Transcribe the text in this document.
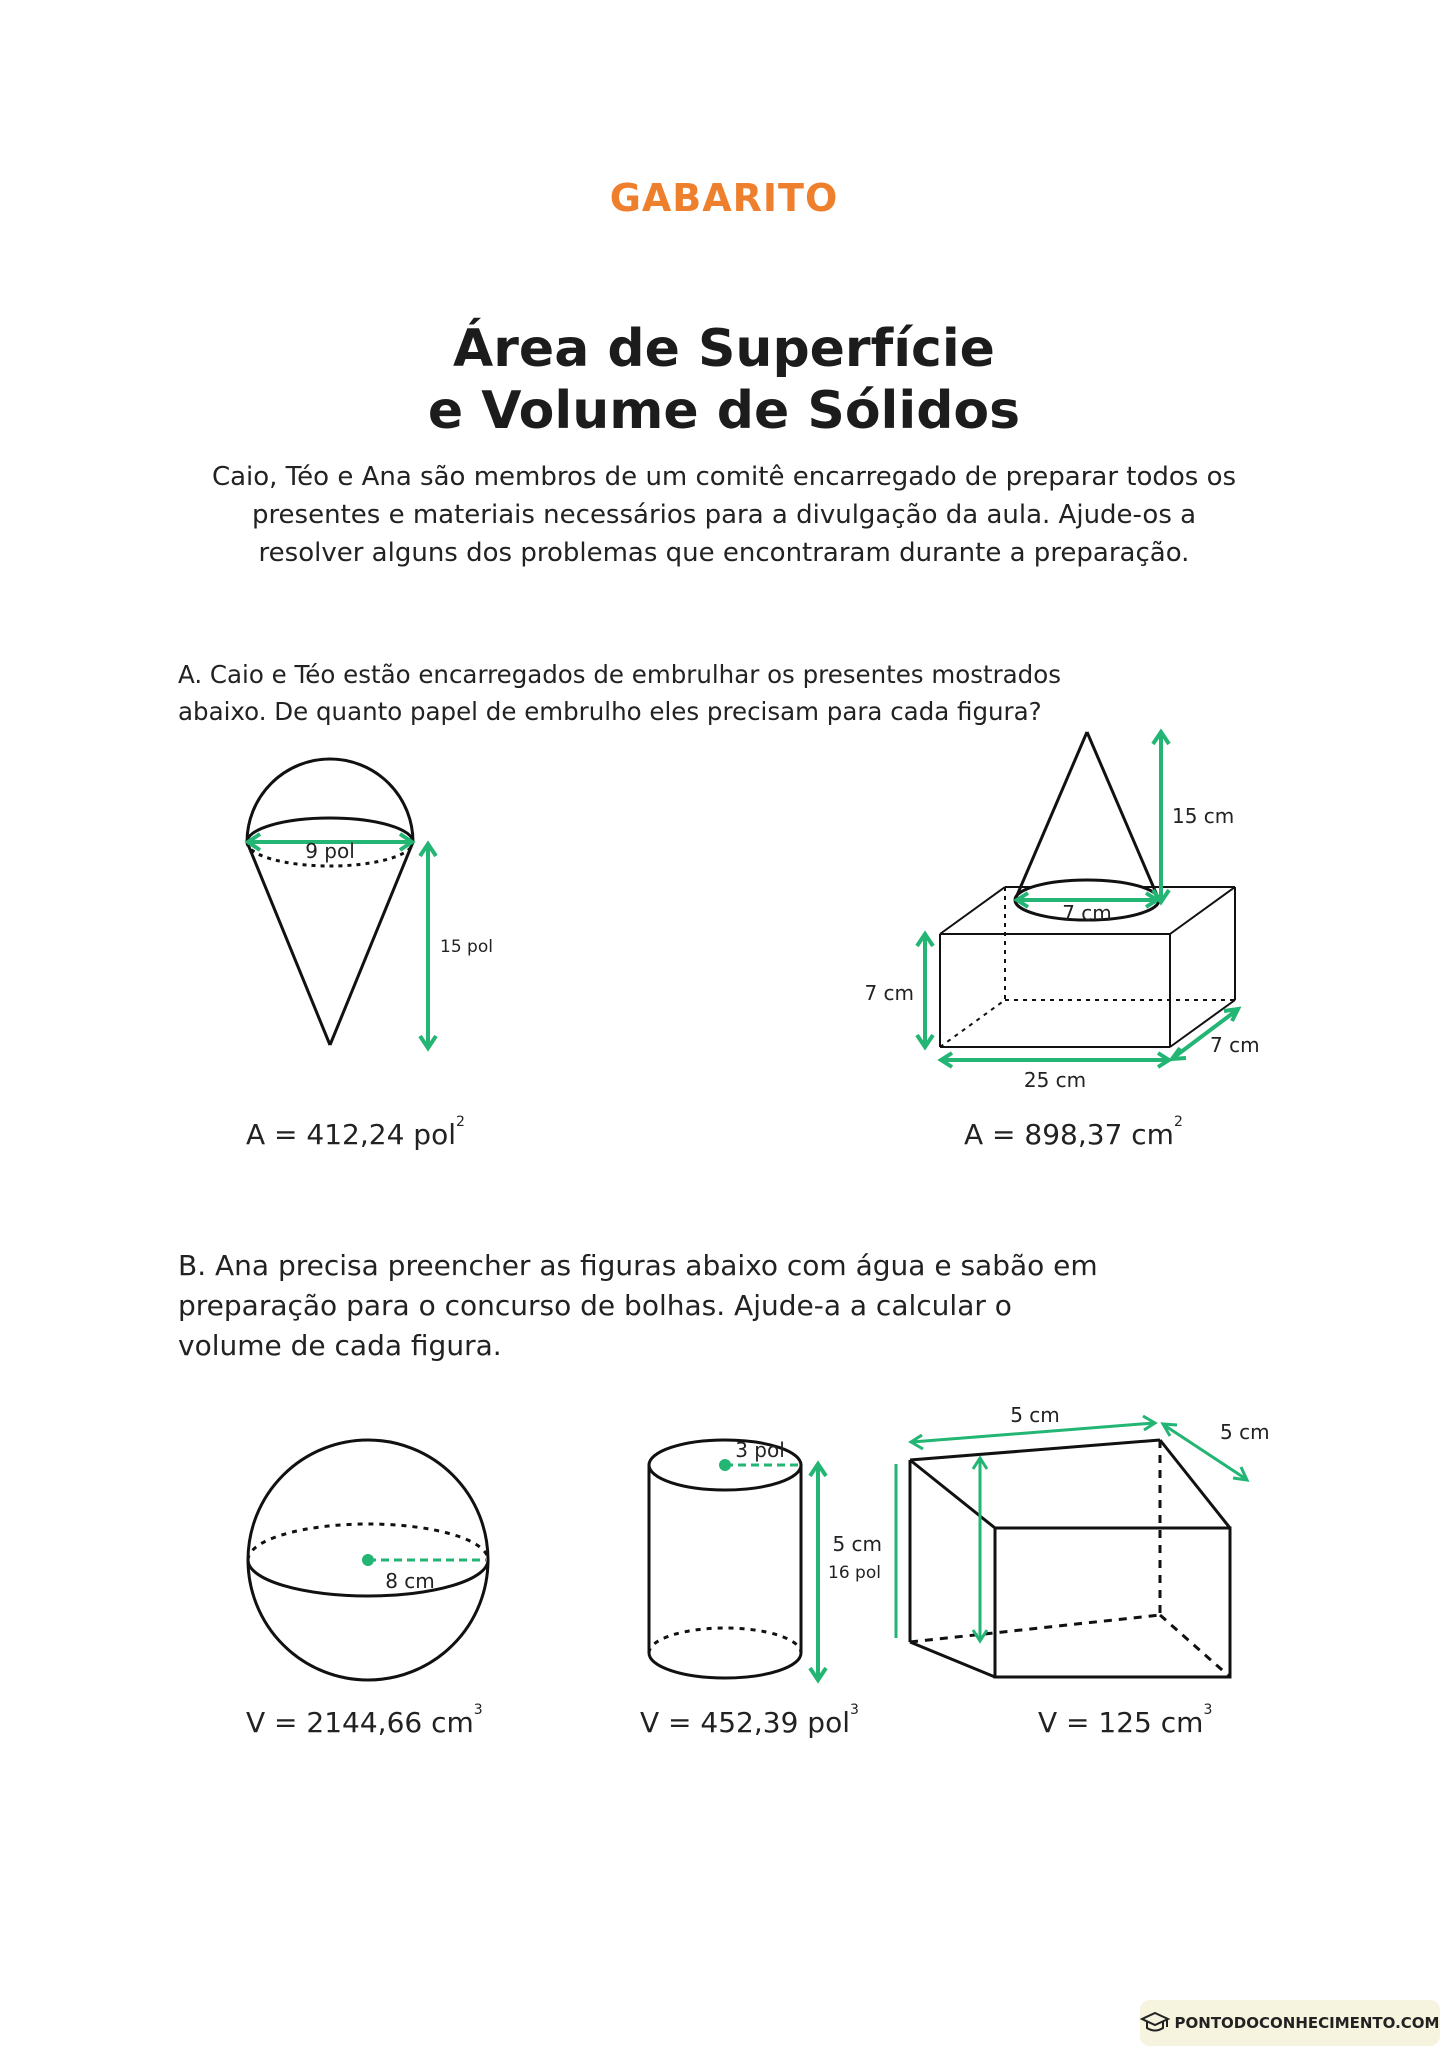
GABARITO
Área de Superfície
e Volume de Sólidos
Caio, Téo e Ana são membros de um comitê encarregado de preparar todos os
presentes e materiais necessários para a divulgação da aula. Ajude-os a
resolver alguns dos problemas que encontraram durante a preparação.
A. Caio e Téo estão encarregados de embrulhar os presentes mostrados
abaixo. De quanto papel de embrulho eles precisam para cada figura?
9 pol
15 pol
7 cm
15 cm
7 cm
25 cm
7 cm
A = 412,24 pol$^2$	A = 898,37 $cm^2$
B. Ana precisa preencher as figuras abaixo com água e sabão em
preparação para o concurso de bolhas. Ajude-a a calcular o
volume de cada figura.
8 cm
3 pol
16 pol
5 cm
5 cm
5 cm
V = 2144,66 $cm^3$	V = 452,39 pol$^3$	V = 125 $cm^3$
PONTODOCONHECIMENTO.COM
